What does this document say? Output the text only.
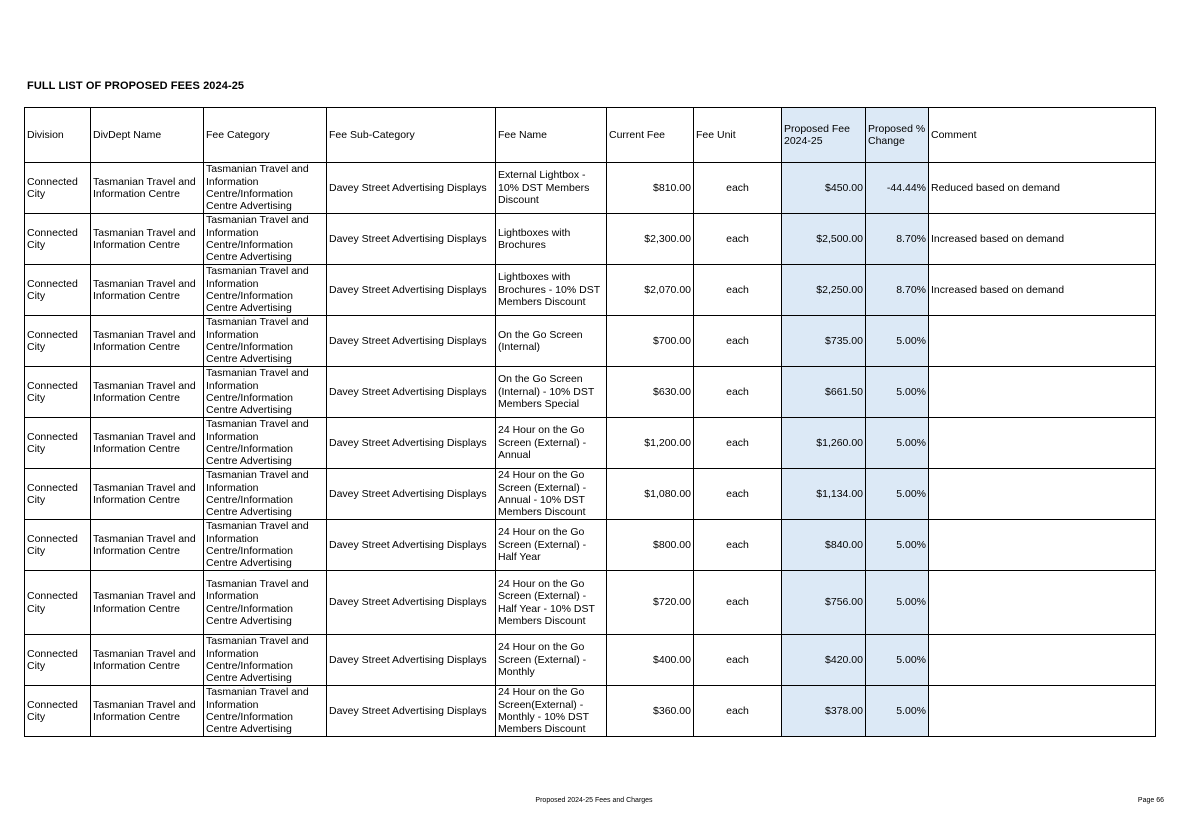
FULL LIST OF PROPOSED FEES 2024-25
Division	DivDept Name	Fee Category	Fee Sub-Category	Fee Name	Current Fee	Fee Unit	Proposed Fee 2024-25	Proposed % Change	Comment
Connected City	Tasmanian Travel and Information Centre	Tasmanian Travel and Information Centre/Information Centre Advertising	Davey Street Advertising Displays	External Lightbox - 10% DST Members Discount	$810.00	each	$450.00	-44.44%	Reduced based on demand
Connected City	Tasmanian Travel and Information Centre	Tasmanian Travel and Information Centre/Information Centre Advertising	Davey Street Advertising Displays	Lightboxes with Brochures	$2,300.00	each	$2,500.00	8.70%	Increased based on demand
Connected City	Tasmanian Travel and Information Centre	Tasmanian Travel and Information Centre/Information Centre Advertising	Davey Street Advertising Displays	Lightboxes with Brochures - 10% DST Members Discount	$2,070.00	each	$2,250.00	8.70%	Increased based on demand
Connected City	Tasmanian Travel and Information Centre	Tasmanian Travel and Information Centre/Information Centre Advertising	Davey Street Advertising Displays	On the Go Screen (Internal)	$700.00	each	$735.00	5.00%	
Connected City	Tasmanian Travel and Information Centre	Tasmanian Travel and Information Centre/Information Centre Advertising	Davey Street Advertising Displays	On the Go Screen (Internal) - 10% DST Members Special	$630.00	each	$661.50	5.00%	
Connected City	Tasmanian Travel and Information Centre	Tasmanian Travel and Information Centre/Information Centre Advertising	Davey Street Advertising Displays	24 Hour on the Go Screen (External) - Annual	$1,200.00	each	$1,260.00	5.00%	
Connected City	Tasmanian Travel and Information Centre	Tasmanian Travel and Information Centre/Information Centre Advertising	Davey Street Advertising Displays	24 Hour on the Go Screen (External) - Annual - 10% DST Members Discount	$1,080.00	each	$1,134.00	5.00%	
Connected City	Tasmanian Travel and Information Centre	Tasmanian Travel and Information Centre/Information Centre Advertising	Davey Street Advertising Displays	24 Hour on the Go Screen (External) - Half Year	$800.00	each	$840.00	5.00%	
Connected City	Tasmanian Travel and Information Centre	Tasmanian Travel and Information Centre/Information Centre Advertising	Davey Street Advertising Displays	24 Hour on the Go Screen (External) - Half Year - 10% DST Members Discount	$720.00	each	$756.00	5.00%	
Connected City	Tasmanian Travel and Information Centre	Tasmanian Travel and Information Centre/Information Centre Advertising	Davey Street Advertising Displays	24 Hour on the Go Screen (External) - Monthly	$400.00	each	$420.00	5.00%	
Connected City	Tasmanian Travel and Information Centre	Tasmanian Travel and Information Centre/Information Centre Advertising	Davey Street Advertising Displays	24 Hour on the Go Screen(External) - Monthly - 10% DST Members Discount	$360.00	each	$378.00	5.00%	
Proposed 2024-25 Fees and Charges	Page 66
